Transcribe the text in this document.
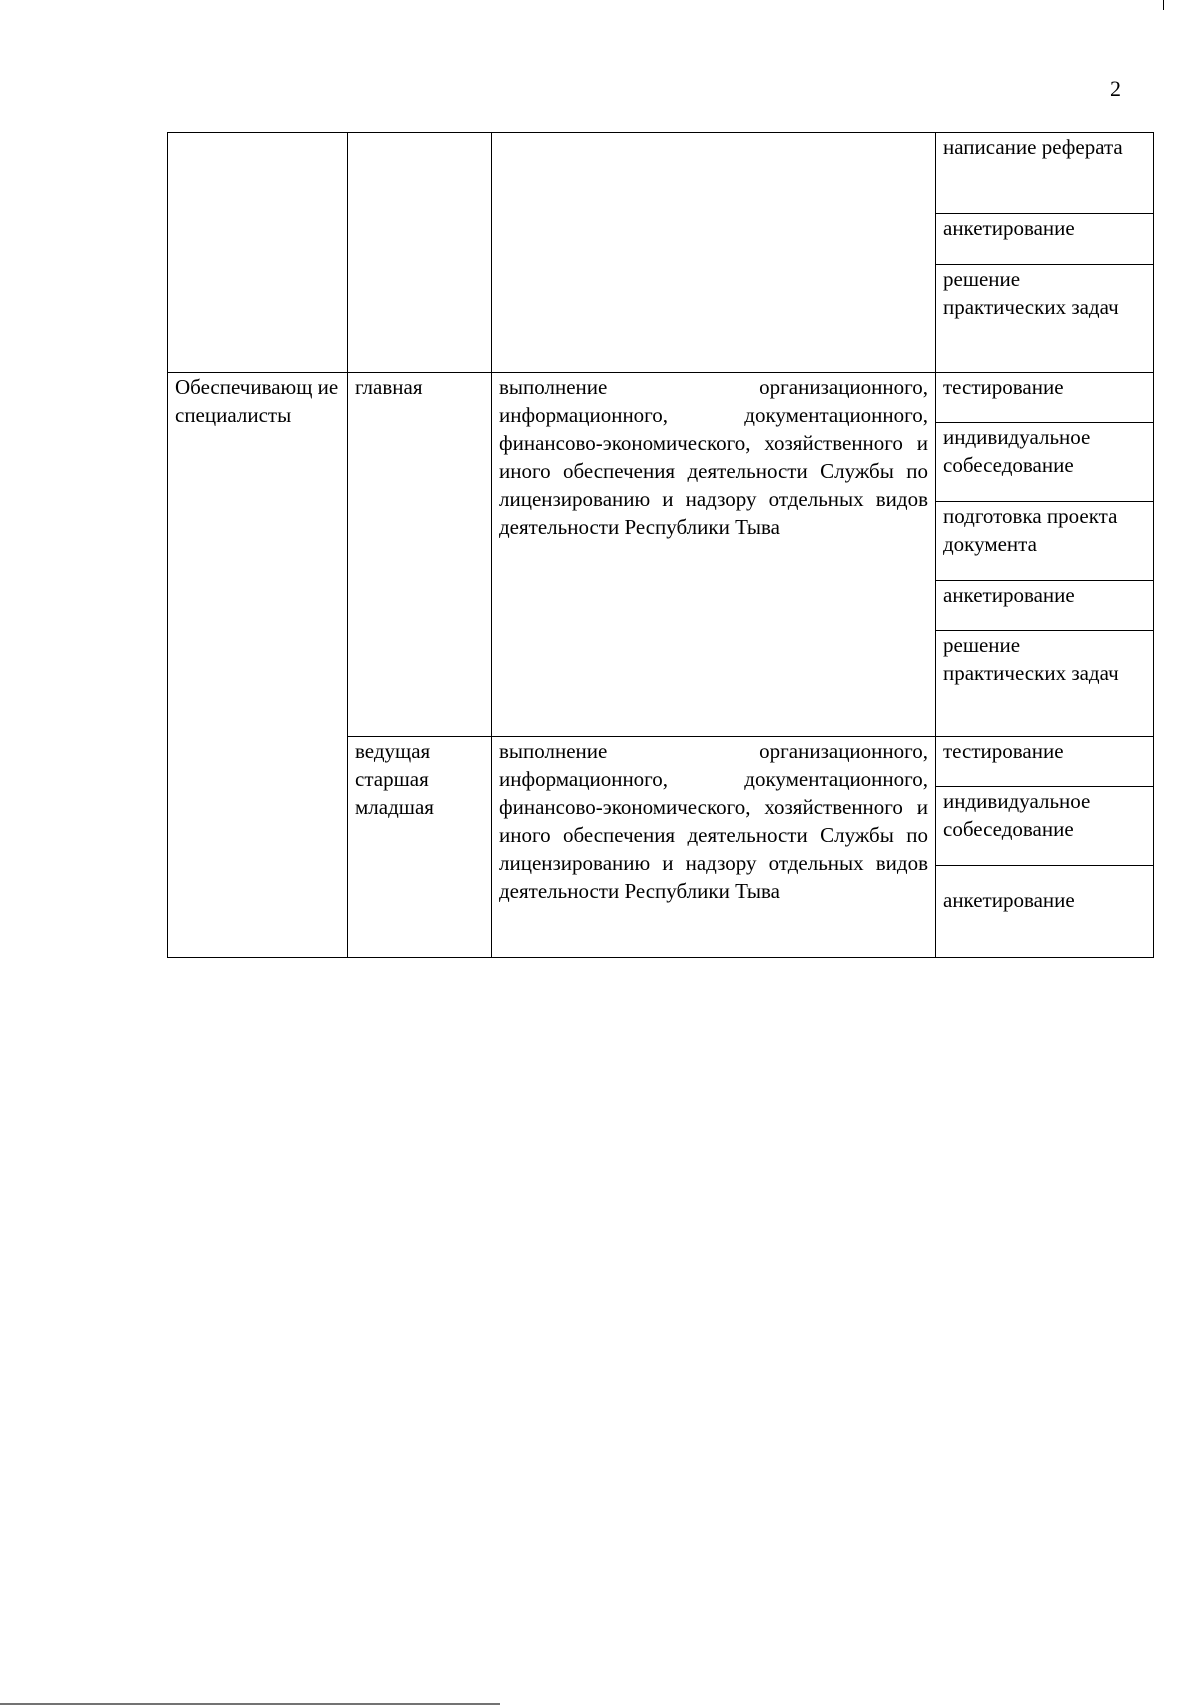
2
			написание реферата
			анкетирование
			решение практических задач
Обеспечивающ ие специалисты	главная	выполнение организационного, информационного, документационного, финансово-экономического, хозяйственного и иного обеспечения деятельности Службы по лицензированию и надзору отдельных видов деятельности Республики Тыва	тестирование
			индивидуальное собеседование
			подготовка проекта документа
			анкетирование
			решение практических задач
	ведущая старшая младшая	выполнение организационного, информационного, документационного, финансово-экономического, хозяйственного и иного обеспечения деятельности Службы по лицензированию и надзору отдельных видов деятельности Республики Тыва	тестирование
			индивидуальное собеседование
			анкетирование
